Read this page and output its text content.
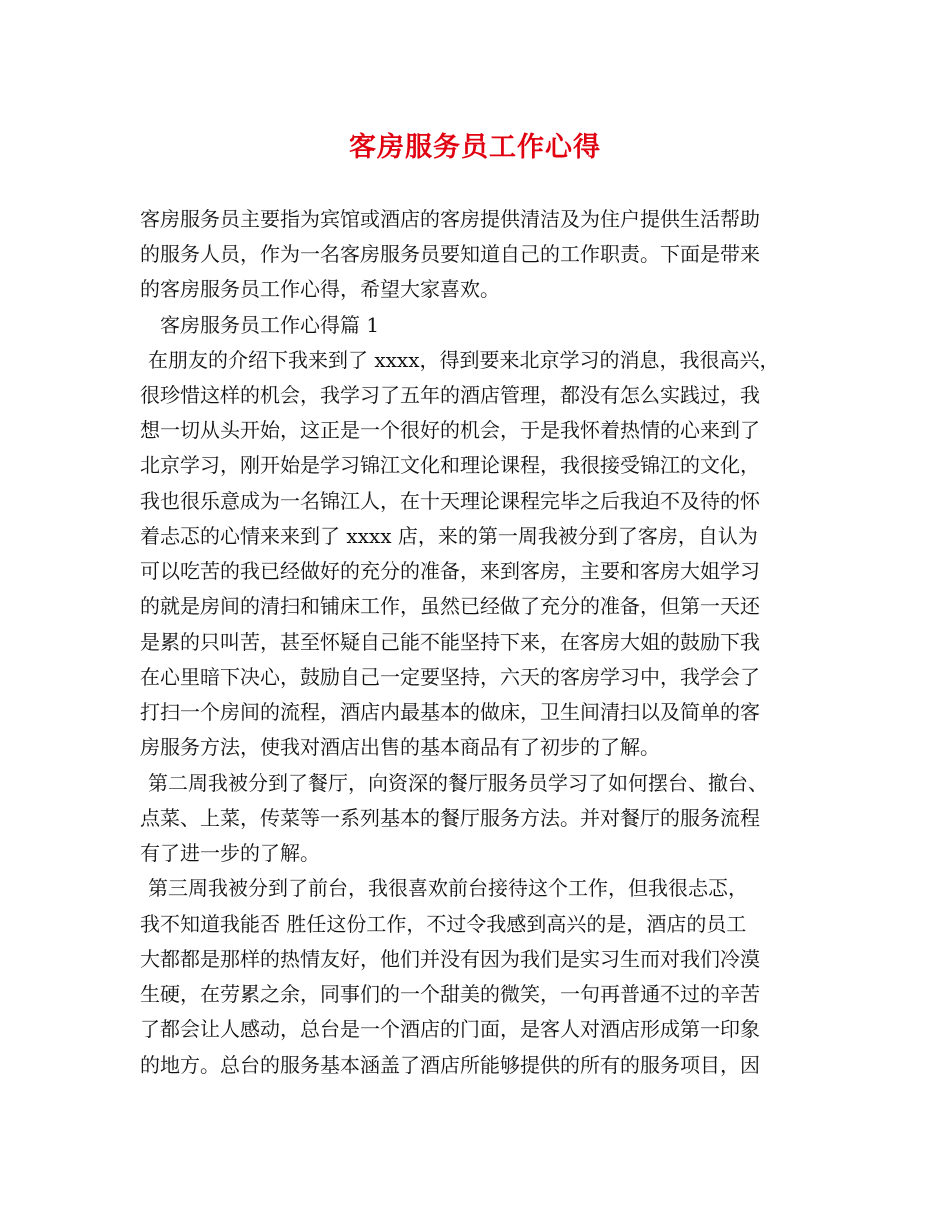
客房服务员工作心得
客房服务员主要指为宾馆或酒店的客房提供清洁及为住户提供生活帮助
的服务人员，作为一名客房服务员要知道自己的工作职责。下面是带来
的客房服务员工作心得，希望大家喜欢。
客房服务员工作心得篇 1
在朋友的介绍下我来到了 xxxx，得到要来北京学习的消息，我很高兴，
很珍惜这样的机会，我学习了五年的酒店管理，都没有怎么实践过，我
想一切从头开始，这正是一个很好的机会，于是我怀着热情的心来到了
北京学习，刚开始是学习锦江文化和理论课程，我很接受锦江的文化，
我也很乐意成为一名锦江人，在十天理论课程完毕之后我迫不及待的怀
着忐忑的心情来来到了 xxxx 店，来的第一周我被分到了客房，自认为
可以吃苦的我已经做好的充分的准备，来到客房，主要和客房大姐学习
的就是房间的清扫和铺床工作，虽然已经做了充分的准备，但第一天还
是累的只叫苦，甚至怀疑自己能不能坚持下来，在客房大姐的鼓励下我
在心里暗下决心，鼓励自己一定要坚持，六天的客房学习中，我学会了
打扫一个房间的流程，酒店内最基本的做床，卫生间清扫以及简单的客
房服务方法，使我对酒店出售的基本商品有了初步的了解。
第二周我被分到了餐厅，向资深的餐厅服务员学习了如何摆台、撤台、
点菜、上菜，传菜等一系列基本的餐厅服务方法。并对餐厅的服务流程
有了进一步的了解。
第三周我被分到了前台，我很喜欢前台接待这个工作，但我很忐忑，
我不知道我能否 胜任这份工作，不过令我感到高兴的是，酒店的员工
大都都是那样的热情友好，他们并没有因为我们是实习生而对我们冷漠
生硬，在劳累之余，同事们的一个甜美的微笑，一句再普通不过的辛苦
了都会让人感动，总台是一个酒店的门面，是客人对酒店形成第一印象
的地方。总台的服务基本涵盖了酒店所能够提供的所有的服务项目，因
